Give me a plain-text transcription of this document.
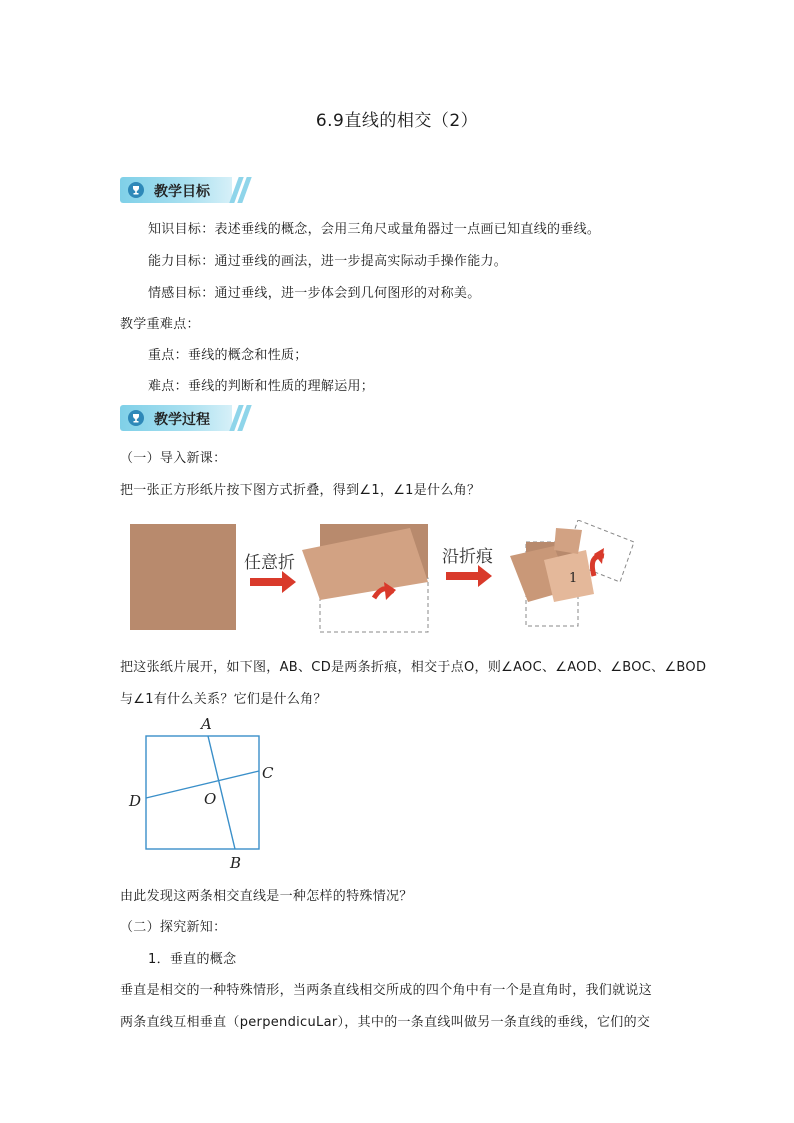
6.9直线的相交（2）
教学目标
知识目标：表述垂线的概念，会用三角尺或量角器过一点画已知直线的垂线。
能力目标：通过垂线的画法，进一步提高实际动手操作能力。
情感目标：通过垂线，进一步体会到几何图形的对称美。
教学重难点：
重点：垂线的概念和性质；
难点：垂线的判断和性质的理解运用；
教学过程
（一）导入新课：
把一张正方形纸片按下图方式折叠，得到∠1，∠1是什么角？
任意折	沿折痕
1
把这张纸片展开，如下图，AB、CD是两条折痕，相交于点O，则∠AOC、∠AOD、∠BOC、∠BOD
与∠1有什么关系？它们是什么角？
A
B
C
D	O
由此发现这两条相交直线是一种怎样的特殊情况？
（二）探究新知：
1．垂直的概念
垂直是相交的一种特殊情形，当两条直线相交所成的四个角中有一个是直角时，我们就说这
两条直线互相垂直（perpendicuLar），其中的一条直线叫做另一条直线的垂线，它们的交
